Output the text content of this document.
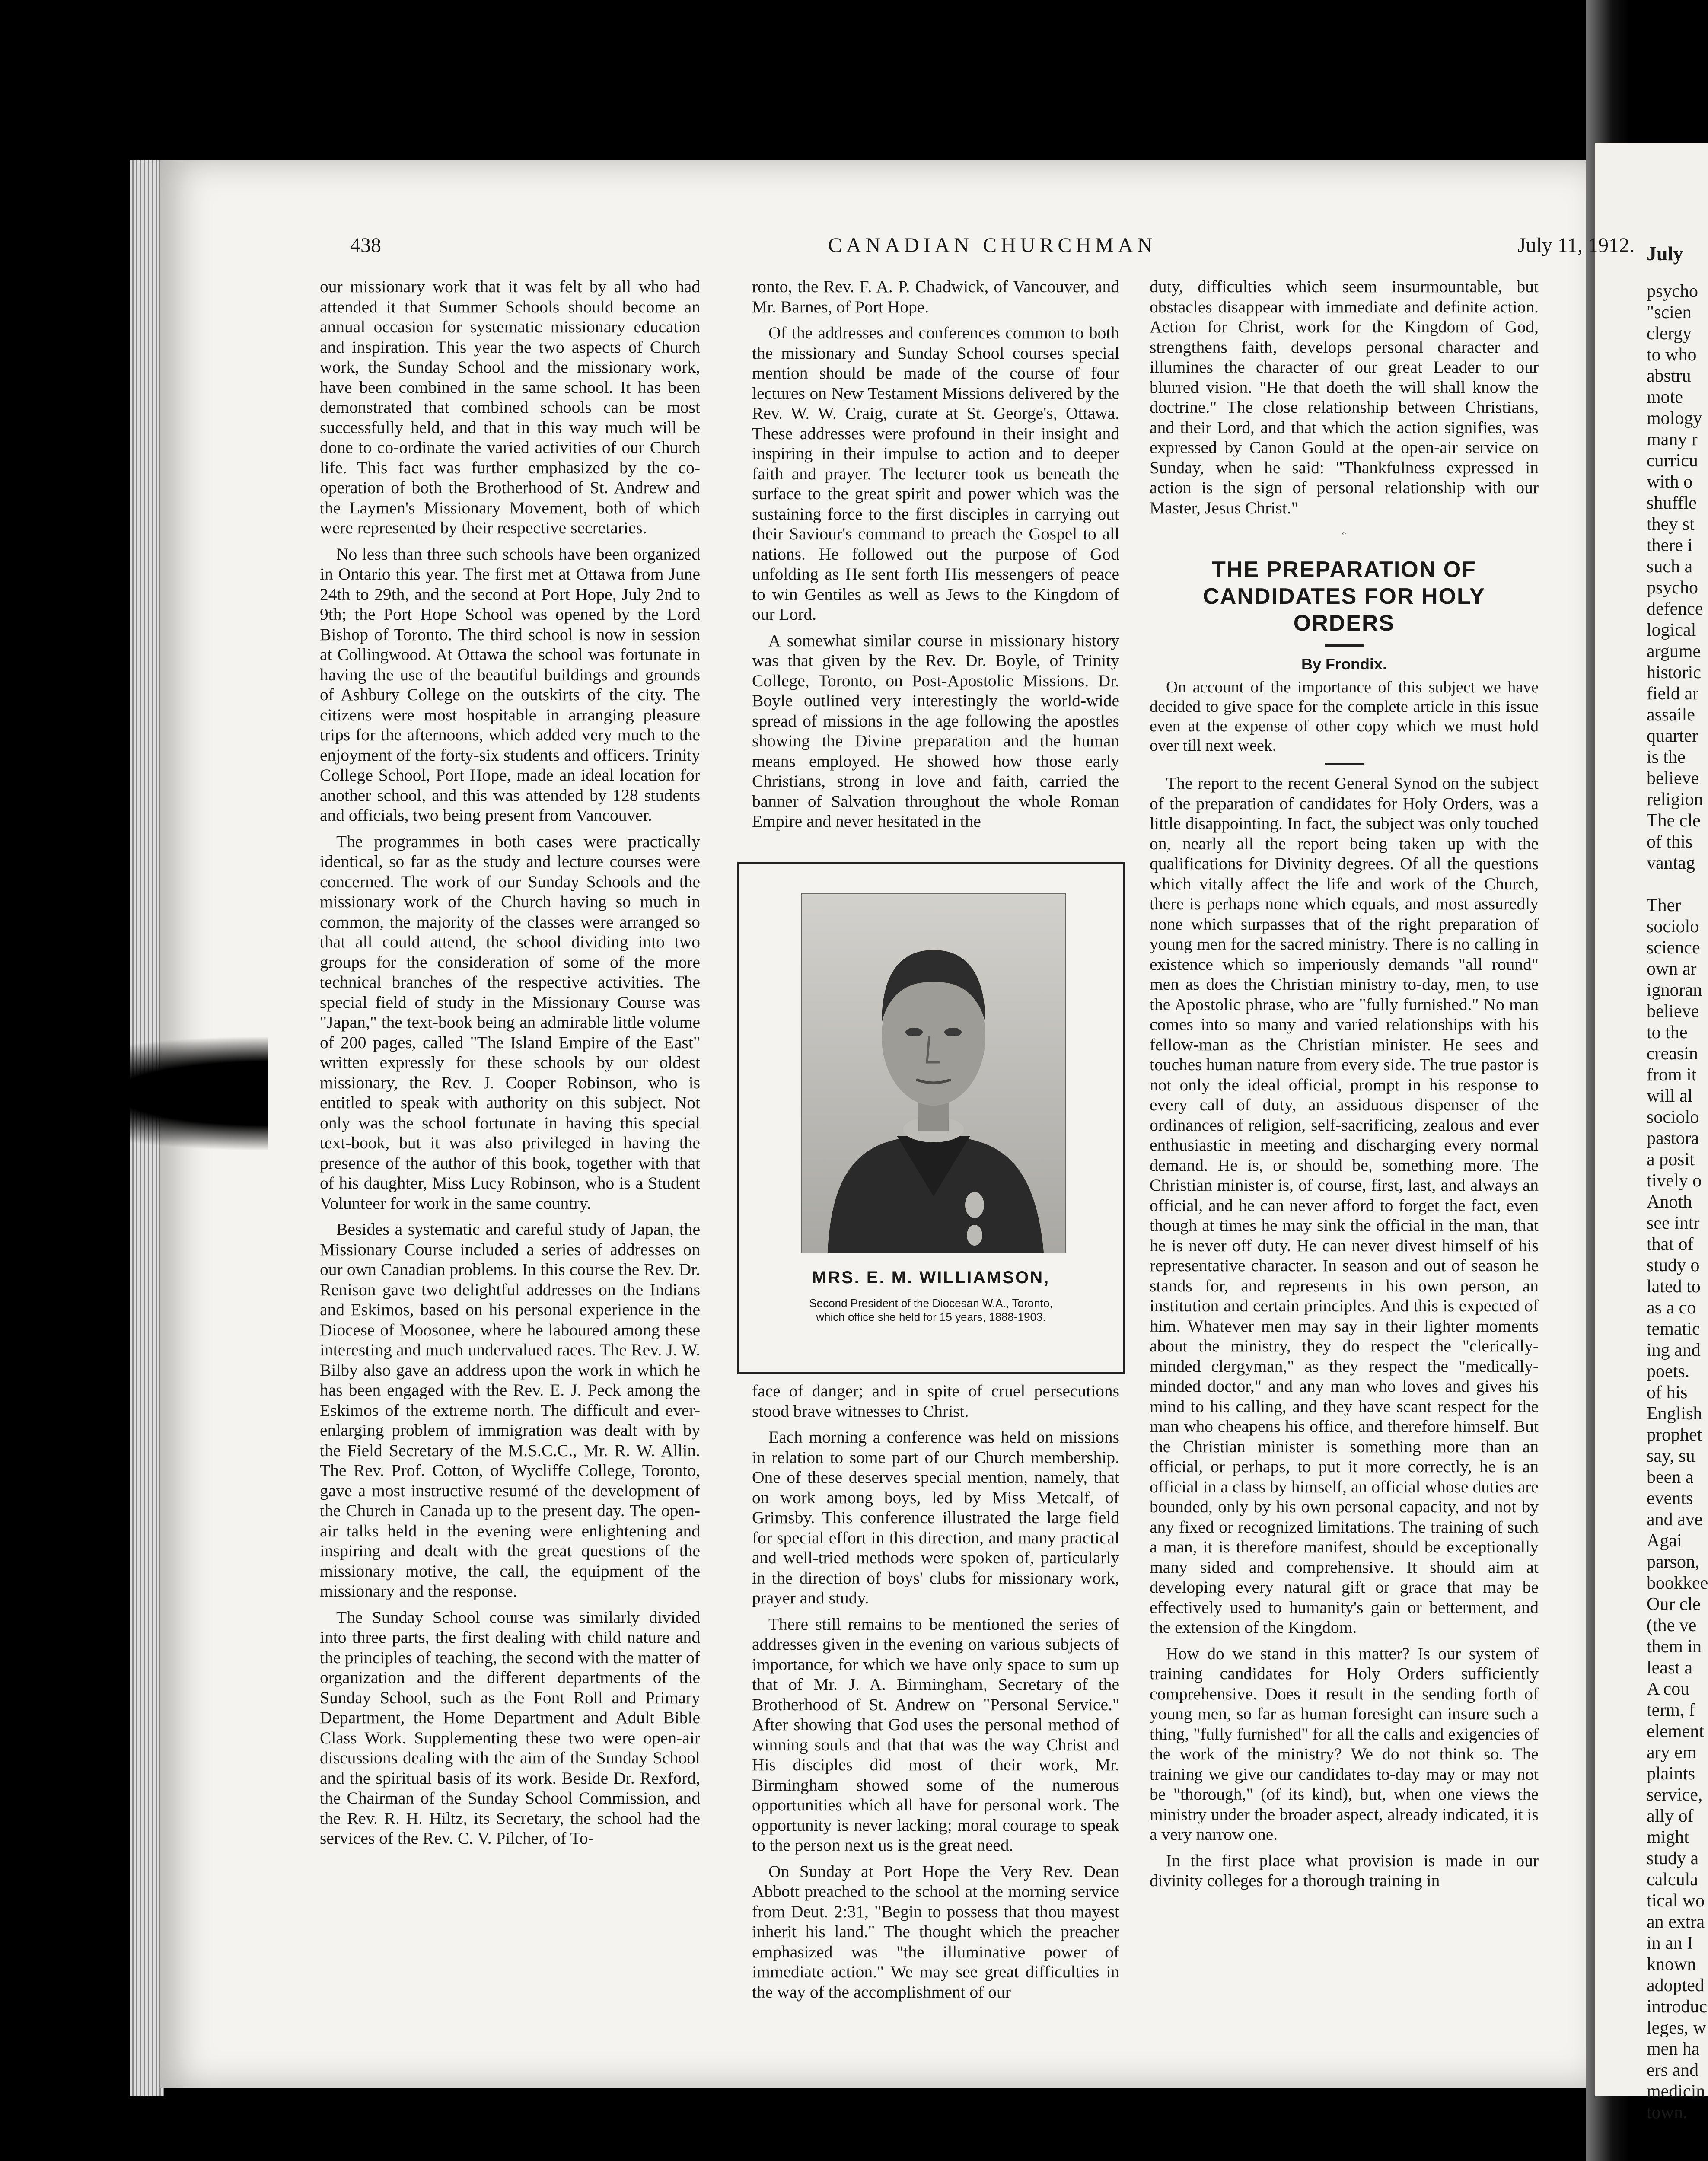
July
psycho
"scien
clergy
to who
abstru
mote
mology
many r
curricu
with o
shuffle
they st
there i
such a
psycho
defence
logical
argume
historic
field ar
assaile
quarter
is the
believe
religion
The cle
of this
vantag

Ther
sociolo
science
own ar
ignoran
believe
to the
creasin
from it
will al
sociolo
pastora
a posit
tively o
Anoth
see intr
that of
study o
lated to
as a co
tematic
ing and
poets.
of his
English
prophet
say, su
been a
events
and ave
Agai
parson,
bookkee
Our cle
(the ve
them in
least a
A cou
term, f
element
ary em
plaints
service,
ally of
might
study a
calcula
tical wo
an extra
in an I
known
adopted
introduc
leges, w
men ha
ers and
medicin
town.
438	CANADIAN CHURCHMAN	July 11, 1912.

our missionary work that it was felt by all who had attended it that Summer Schools should become an annual occasion for systematic missionary education and inspiration. This year the two aspects of Church work, the Sunday School and the missionary work, have been combined in the same school. It has been demonstrated that combined schools can be most successfully held, and that in this way much will be done to co-ordinate the varied activities of our Church life. This fact was further emphasized by the co-operation of both the Brotherhood of St. Andrew and the Laymen's Missionary Movement, both of which were represented by their respective secretaries.

No less than three such schools have been organized in Ontario this year. The first met at Ottawa from June 24th to 29th, and the second at Port Hope, July 2nd to 9th; the Port Hope School was opened by the Lord Bishop of Toronto. The third school is now in session at Collingwood. At Ottawa the school was fortunate in having the use of the beautiful buildings and grounds of Ashbury College on the outskirts of the city. The citizens were most hospitable in arranging pleasure trips for the afternoons, which added very much to the enjoyment of the forty-six students and officers. Trinity College School, Port Hope, made an ideal location for another school, and this was attended by 128 students and officials, two being present from Vancouver.

The programmes in both cases were practically identical, so far as the study and lecture courses were concerned. The work of our Sunday Schools and the missionary work of the Church having so much in common, the majority of the classes were arranged so that all could attend, the school dividing into two groups for the consideration of some of the more technical branches of the respective activities. The special field of study in the Missionary Course was "Japan," the text-book being an admirable little volume of 200 pages, called "The Island Empire of the East" written expressly for these schools by our oldest missionary, the Rev. J. Cooper Robinson, who is entitled to speak with authority on this subject. Not only was the school fortunate in having this special text-book, but it was also privileged in having the presence of the author of this book, together with that of his daughter, Miss Lucy Robinson, who is a Student Volunteer for work in the same country.

Besides a systematic and careful study of Japan, the Missionary Course included a series of addresses on our own Canadian problems. In this course the Rev. Dr. Renison gave two delightful addresses on the Indians and Eskimos, based on his personal experience in the Diocese of Moosonee, where he laboured among these interesting and much undervalued races. The Rev. J. W. Bilby also gave an address upon the work in which he has been engaged with the Rev. E. J. Peck among the Eskimos of the extreme north. The difficult and ever-enlarging problem of immigration was dealt with by the Field Secretary of the M.S.C.C., Mr. R. W. Allin. The Rev. Prof. Cotton, of Wycliffe College, Toronto, gave a most instructive resumé of the development of the Church in Canada up to the present day. The open-air talks held in the evening were enlightening and inspiring and dealt with the great questions of the missionary motive, the call, the equipment of the missionary and the response.

The Sunday School course was similarly divided into three parts, the first dealing with child nature and the principles of teaching, the second with the matter of organization and the different departments of the Sunday School, such as the Font Roll and Primary Department, the Home Department and Adult Bible Class Work. Supplementing these two were open-air discussions dealing with the aim of the Sunday School and the spiritual basis of its work. Beside Dr. Rexford, the Chairman of the Sunday School Commission, and the Rev. R. H. Hiltz, its Secretary, the school had the services of the Rev. C. V. Pilcher, of To-

ronto, the Rev. F. A. P. Chadwick, of Vancouver, and Mr. Barnes, of Port Hope.

Of the addresses and conferences common to both the missionary and Sunday School courses special mention should be made of the course of four lectures on New Testament Missions delivered by the Rev. W. W. Craig, curate at St. George's, Ottawa. These addresses were profound in their insight and inspiring in their impulse to action and to deeper faith and prayer. The lecturer took us beneath the surface to the great spirit and power which was the sustaining force to the first disciples in carrying out their Saviour's command to preach the Gospel to all nations. He followed out the purpose of God unfolding as He sent forth His messengers of peace to win Gentiles as well as Jews to the Kingdom of our Lord.

A somewhat similar course in missionary history was that given by the Rev. Dr. Boyle, of Trinity College, Toronto, on Post-Apostolic Missions. Dr. Boyle outlined very interestingly the world-wide spread of missions in the age following the apostles showing the Divine preparation and the human means employed. He showed how those early Christians, strong in love and faith, carried the banner of Salvation throughout the whole Roman Empire and never hesitated in the

MRS. E. M. WILLIAMSON,
Second President of the Diocesan W.A., Toronto,
which office she held for 15 years, 1888-1903.

face of danger; and in spite of cruel persecutions stood brave witnesses to Christ.

Each morning a conference was held on missions in relation to some part of our Church membership. One of these deserves special mention, namely, that on work among boys, led by Miss Metcalf, of Grimsby. This conference illustrated the large field for special effort in this direction, and many practical and well-tried methods were spoken of, particularly in the direction of boys' clubs for missionary work, prayer and study.

There still remains to be mentioned the series of addresses given in the evening on various subjects of importance, for which we have only space to sum up that of Mr. J. A. Birmingham, Secretary of the Brotherhood of St. Andrew on "Personal Service." After showing that God uses the personal method of winning souls and that that was the way Christ and His disciples did most of their work, Mr. Birmingham showed some of the numerous opportunities which all have for personal work. The opportunity is never lacking; moral courage to speak to the person next us is the great need.

On Sunday at Port Hope the Very Rev. Dean Abbott preached to the school at the morning service from Deut. 2:31, "Begin to possess that thou mayest inherit his land." The thought which the preacher emphasized was "the illuminative power of immediate action." We may see great difficulties in the way of the accomplishment of our

duty, difficulties which seem insurmountable, but obstacles disappear with immediate and definite action. Action for Christ, work for the Kingdom of God, strengthens faith, develops personal character and illumines the character of our great Leader to our blurred vision. "He that doeth the will shall know the doctrine." The close relationship between Christians, and their Lord, and that which the action signifies, was expressed by Canon Gould at the open-air service on Sunday, when he said: "Thankfulness expressed in action is the sign of personal relationship with our Master, Jesus Christ."

◦
THE PREPARATION OF
CANDIDATES FOR HOLY ORDERS
By Frondix.

On account of the importance of this subject we have decided to give space for the complete article in this issue even at the expense of other copy which we must hold over till next week.

The report to the recent General Synod on the subject of the preparation of candidates for Holy Orders, was a little disappointing. In fact, the subject was only touched on, nearly all the report being taken up with the qualifications for Divinity degrees. Of all the questions which vitally affect the life and work of the Church, there is perhaps none which equals, and most assuredly none which surpasses that of the right preparation of young men for the sacred ministry. There is no calling in existence which so imperiously demands "all round" men as does the Christian ministry to-day, men, to use the Apostolic phrase, who are "fully furnished." No man comes into so many and varied relationships with his fellow-man as the Christian minister. He sees and touches human nature from every side. The true pastor is not only the ideal official, prompt in his response to every call of duty, an assiduous dispenser of the ordinances of religion, self-sacrificing, zealous and ever enthusiastic in meeting and discharging every normal demand. He is, or should be, something more. The Christian minister is, of course, first, last, and always an official, and he can never afford to forget the fact, even though at times he may sink the official in the man, that he is never off duty. He can never divest himself of his representative character. In season and out of season he stands for, and represents in his own person, an institution and certain principles. And this is expected of him. Whatever men may say in their lighter moments about the ministry, they do respect the "clerically-minded clergyman," as they respect the "medically-minded doctor," and any man who loves and gives his mind to his calling, and they have scant respect for the man who cheapens his office, and therefore himself. But the Christian minister is something more than an official, or perhaps, to put it more correctly, he is an official in a class by himself, an official whose duties are bounded, only by his own personal capacity, and not by any fixed or recognized limitations. The training of such a man, it is therefore manifest, should be exceptionally many sided and comprehensive. It should aim at developing every natural gift or grace that may be effectively used to humanity's gain or betterment, and the extension of the Kingdom.

How do we stand in this matter? Is our system of training candidates for Holy Orders sufficiently comprehensive. Does it result in the sending forth of young men, so far as human foresight can insure such a thing, "fully furnished" for all the calls and exigencies of the work of the ministry? We do not think so. The training we give our candidates to-day may or may not be "thorough," (of its kind), but, when one views the ministry under the broader aspect, already indicated, it is a very narrow one.

In the first place what provision is made in our divinity colleges for a thorough training in
